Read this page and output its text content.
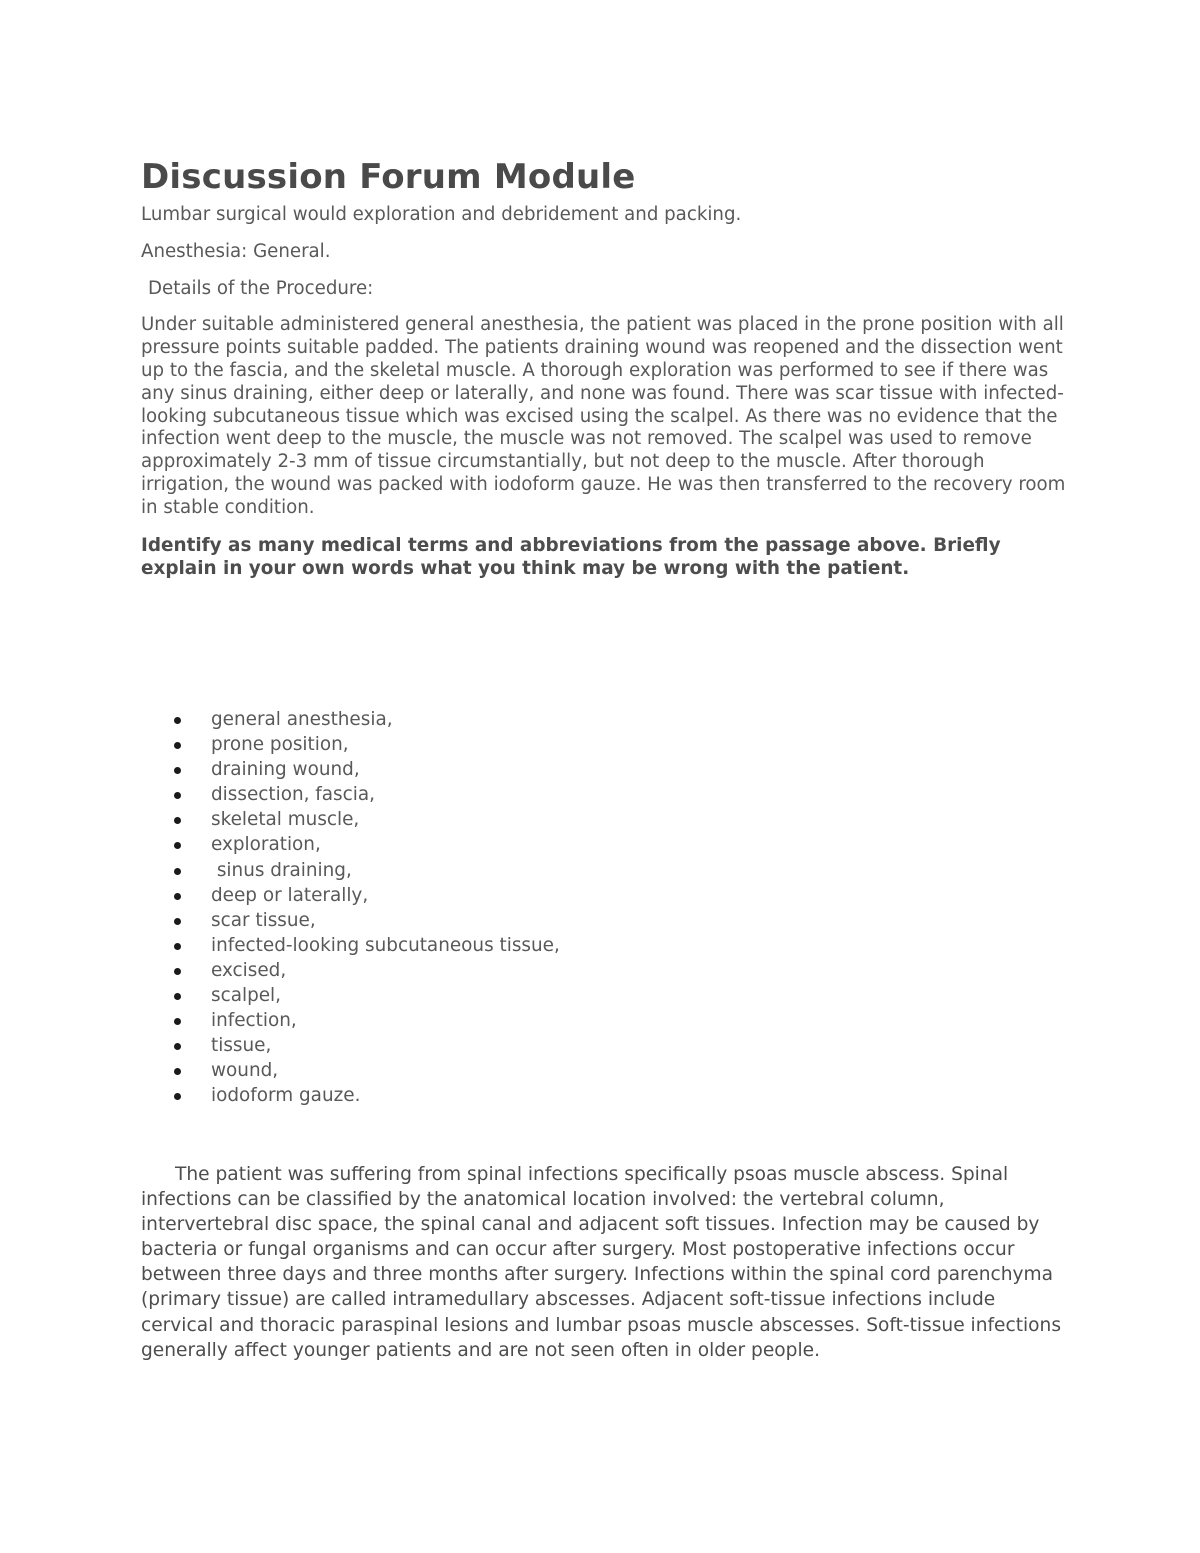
Discussion Forum Module

Lumbar surgical would exploration and debridement and packing.

Anesthesia: General.

Details of the Procedure:

Under suitable administered general anesthesia, the patient was placed in the prone position with all pressure points suitable padded. The patients draining wound was reopened and the dissection went up to the fascia, and the skeletal muscle. A thorough exploration was performed to see if there was any sinus draining, either deep or laterally, and none was found. There was scar tissue with infected-looking subcutaneous tissue which was excised using the scalpel. As there was no evidence that the infection went deep to the muscle, the muscle was not removed. The scalpel was used to remove approximately 2-3 mm of tissue circumstantially, but not deep to the muscle. After thorough irrigation, the wound was packed with iodoform gauze. He was then transferred to the recovery room in stable condition.

Identify as many medical terms and abbreviations from the passage above. Briefly explain in your own words what you think may be wrong with the patient.

general anesthesia,
prone position,
draining wound,
dissection, fascia,
skeletal muscle,
exploration,
sinus draining,
deep or laterally,
scar tissue,
infected-looking subcutaneous tissue,
excised,
scalpel,
infection,
tissue,
wound,
iodoform gauze.

The patient was suffering from spinal infections specifically psoas muscle abscess. Spinal infections can be classified by the anatomical location involved: the vertebral column, intervertebral disc space, the spinal canal and adjacent soft tissues. Infection may be caused by bacteria or fungal organisms and can occur after surgery. Most postoperative infections occur between three days and three months after surgery. Infections within the spinal cord parenchyma (primary tissue) are called intramedullary abscesses. Adjacent soft-tissue infections include cervical and thoracic paraspinal lesions and lumbar psoas muscle abscesses. Soft-tissue infections generally affect younger patients and are not seen often in older people.
